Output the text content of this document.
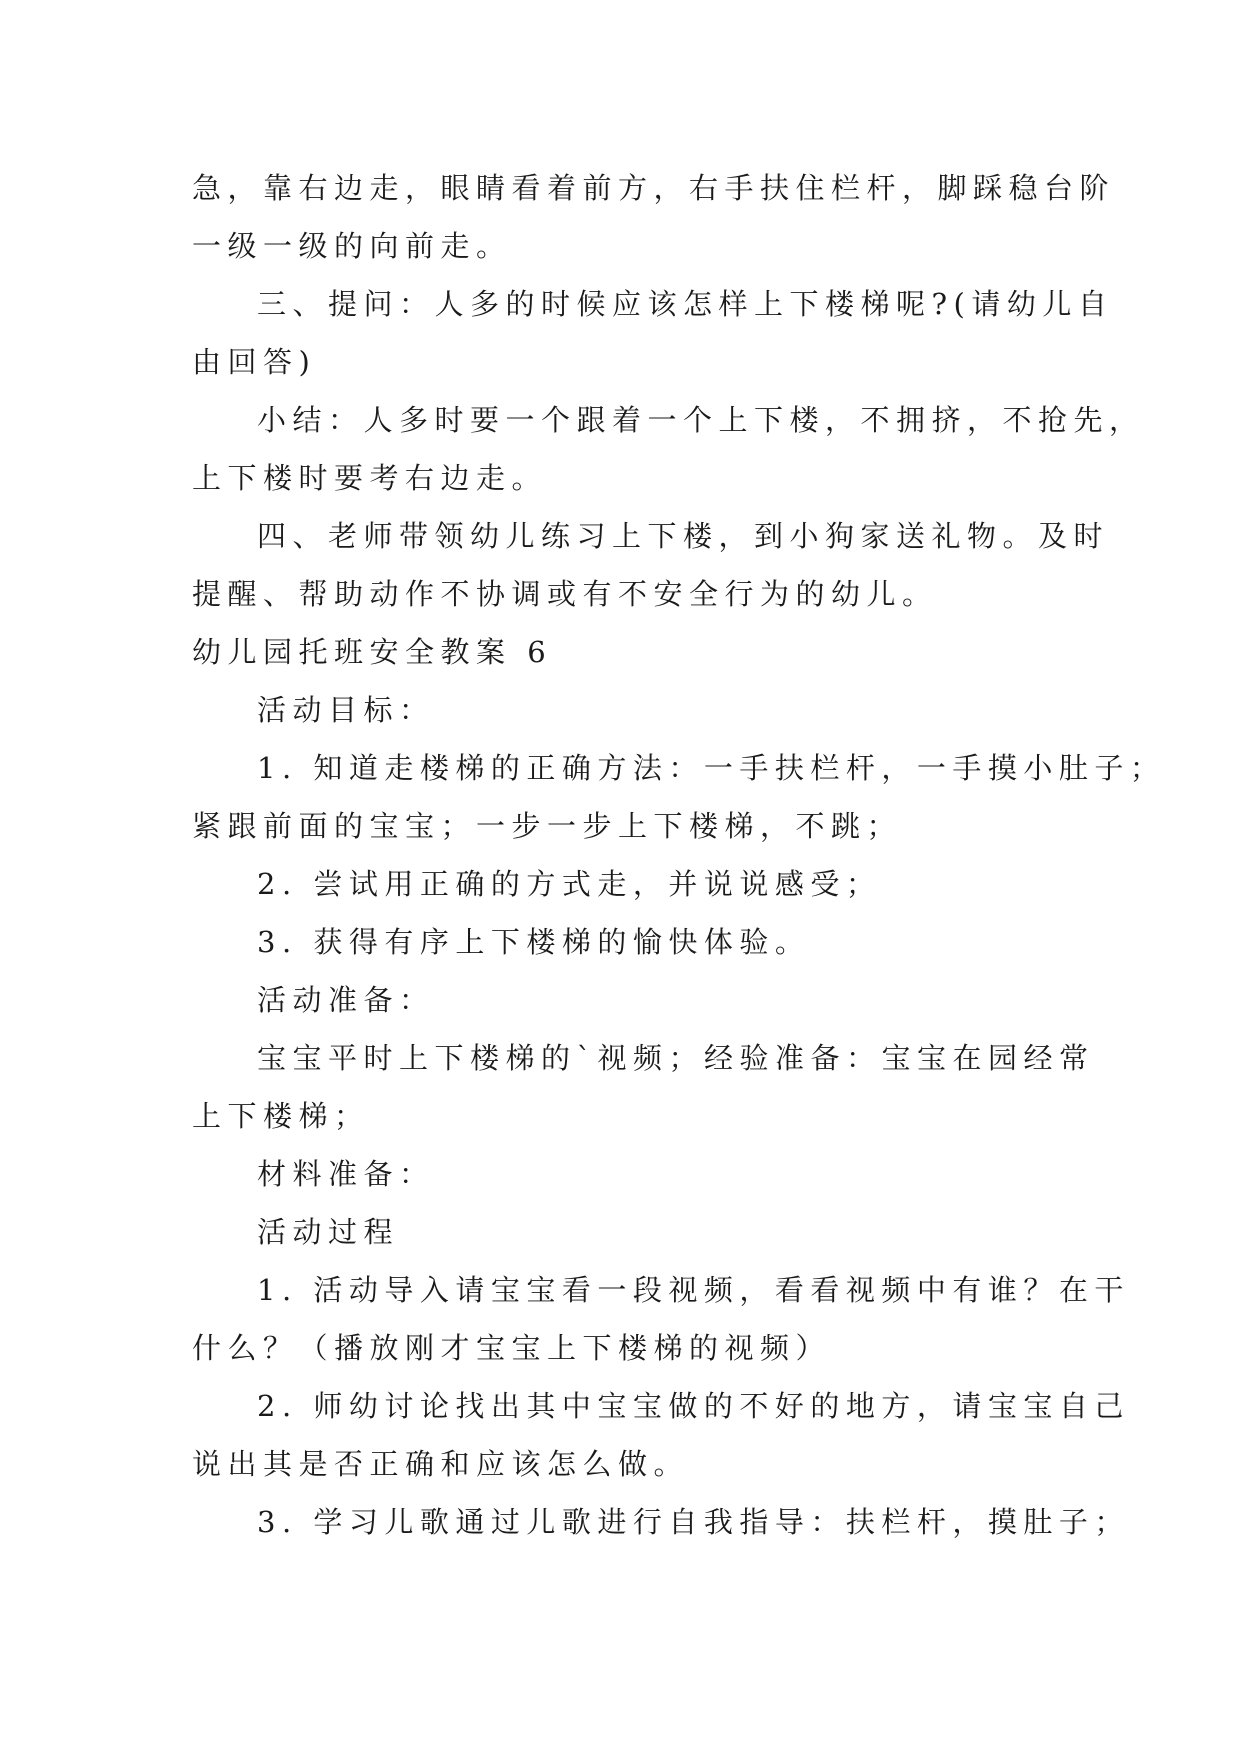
急，靠右边走，眼睛看着前方，右手扶住栏杆，脚踩稳台阶
一级一级的向前走。
三、提问：人多的时候应该怎样上下楼梯呢?(请幼儿自
由回答)
小结：人多时要一个跟着一个上下楼，不拥挤，不抢先，
上下楼时要考右边走。
四、老师带领幼儿练习上下楼，到小狗家送礼物。及时
提醒、帮助动作不协调或有不安全行为的幼儿。
幼儿园托班安全教案 6
活动目标：
1. 知道走楼梯的正确方法：一手扶栏杆，一手摸小肚子；
紧跟前面的宝宝；一步一步上下楼梯，不跳；
2. 尝试用正确的方式走，并说说感受；
3. 获得有序上下楼梯的愉快体验。
活动准备：
宝宝平时上下楼梯的`视频；经验准备：宝宝在园经常
上下楼梯；
材料准备：
活动过程
1. 活动导入请宝宝看一段视频，看看视频中有谁？在干
什么？（播放刚才宝宝上下楼梯的视频）
2. 师幼讨论找出其中宝宝做的不好的地方，请宝宝自己
说出其是否正确和应该怎么做。
3. 学习儿歌通过儿歌进行自我指导：扶栏杆，摸肚子；
